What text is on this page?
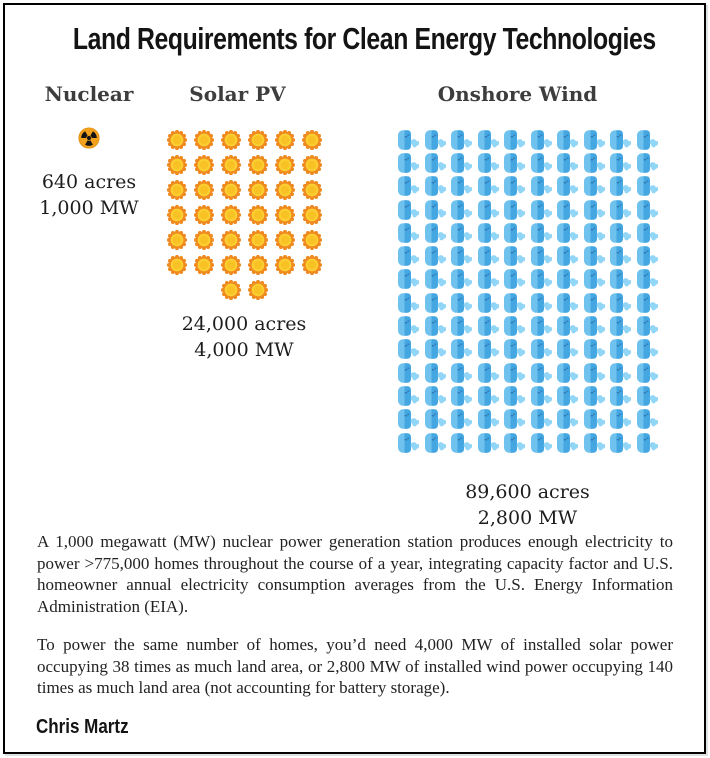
Land Requirements for Clean Energy Technologies
Nuclear	Solar PV	Onshore Wind
640 acres
1,000 MW
24,000 acres
4,000 MW
89,600 acres
2,800 MW
A 1,000 megawatt (MW) nuclear power generation station produces enough electricity to power >775,000 homes throughout the course of a year, integrating capacity factor and U.S. homeowner annual electricity consumption averages from the U.S. Energy Information Administration (EIA).
To power the same number of homes, you’d need 4,000 MW of installed solar power occupying 38 times as much land area, or 2,800 MW of installed wind power occupying 140 times as much land area (not accounting for battery storage).
Chris Martz
